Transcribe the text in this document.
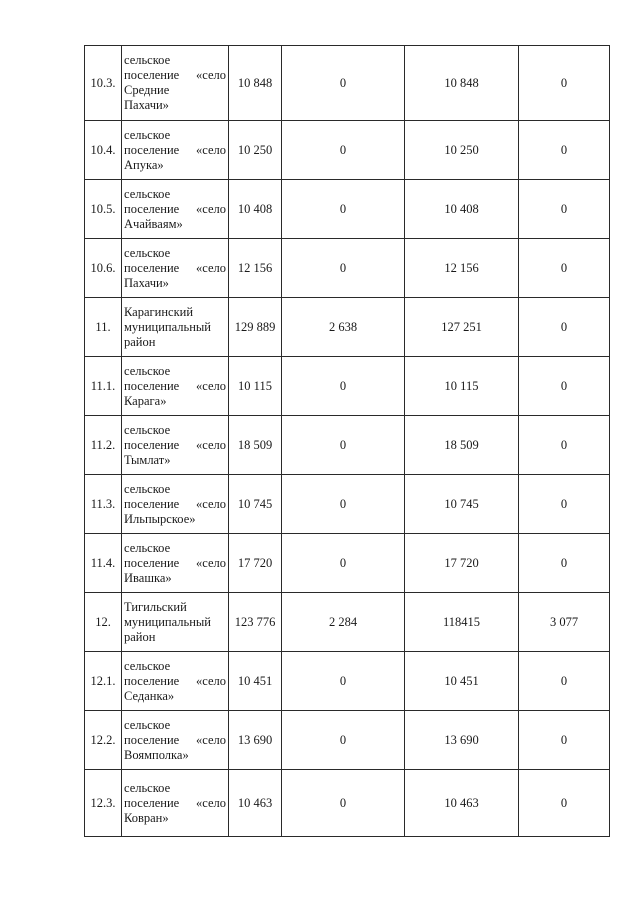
10.3.	сельское
поселение «село
Средние
Пахачи»	10 848	0	10 848	0
10.4.	сельское
поселение «село
Апука»	10 250	0	10 250	0
10.5.	сельское
поселение «село
Ачайваям»	10 408	0	10 408	0
10.6.	сельское
поселение «село
Пахачи»	12 156	0	12 156	0
11.	Карагинский
муниципальный
район	129 889	2 638	127 251	0
11.1.	сельское
поселение «село
Карага»	10 115	0	10 115	0
11.2.	сельское
поселение «село
Тымлат»	18 509	0	18 509	0
11.3.	сельское
поселение «село
Ильпырское»	10 745	0	10 745	0
11.4.	сельское
поселение «село
Ивашка»	17 720	0	17 720	0
12.	Тигильский
муниципальный
район	123 776	2 284	118415	3 077
12.1.	сельское
поселение «село
Седанка»	10 451	0	10 451	0
12.2.	сельское
поселение «село
Воямполка»	13 690	0	13 690	0
12.3.	сельское
поселение «село
Ковран»	10 463	0	10 463	0
